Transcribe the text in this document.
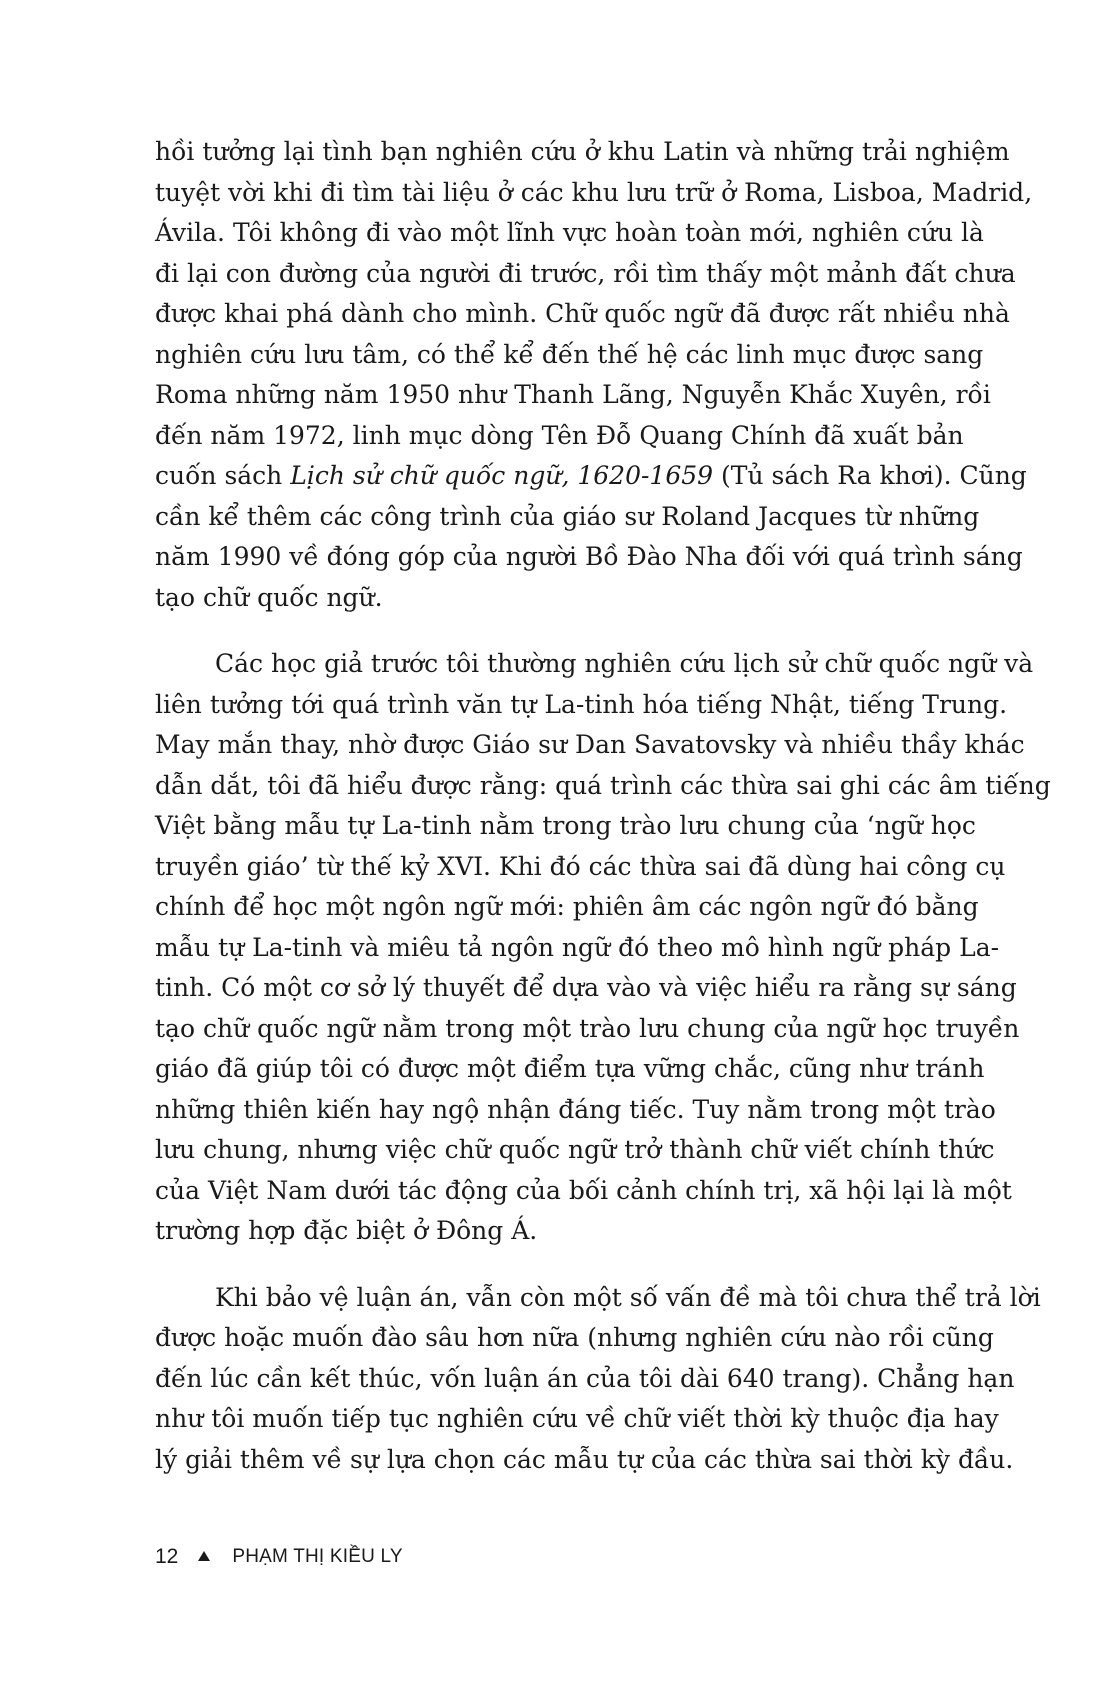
hồi tưởng lại tình bạn nghiên cứu ở khu Latin và những trải nghiệm
tuyệt vời khi đi tìm tài liệu ở các khu lưu trữ ở Roma, Lisboa, Madrid,
Ávila. Tôi không đi vào một lĩnh vực hoàn toàn mới, nghiên cứu là
đi lại con đường của người đi trước, rồi tìm thấy một mảnh đất chưa
được khai phá dành cho mình. Chữ quốc ngữ đã được rất nhiều nhà
nghiên cứu lưu tâm, có thể kể đến thế hệ các linh mục được sang
Roma những năm 1950 như Thanh Lãng, Nguyễn Khắc Xuyên, rồi
đến năm 1972, linh mục dòng Tên Đỗ Quang Chính đã xuất bản
cuốn sách Lịch sử chữ quốc ngữ, 1620-1659 (Tủ sách Ra khơi). Cũng
cần kể thêm các công trình của giáo sư Roland Jacques từ những
năm 1990 về đóng góp của người Bồ Đào Nha đối với quá trình sáng
tạo chữ quốc ngữ.
Các học giả trước tôi thường nghiên cứu lịch sử chữ quốc ngữ và
liên tưởng tới quá trình văn tự La-tinh hóa tiếng Nhật, tiếng Trung.
May mắn thay, nhờ được Giáo sư Dan Savatovsky và nhiều thầy khác
dẫn dắt, tôi đã hiểu được rằng: quá trình các thừa sai ghi các âm tiếng
Việt bằng mẫu tự La-tinh nằm trong trào lưu chung của ‘ngữ học
truyền giáo’ từ thế kỷ XVI. Khi đó các thừa sai đã dùng hai công cụ
chính để học một ngôn ngữ mới: phiên âm các ngôn ngữ đó bằng
mẫu tự La-tinh và miêu tả ngôn ngữ đó theo mô hình ngữ pháp La-
tinh. Có một cơ sở lý thuyết để dựa vào và việc hiểu ra rằng sự sáng
tạo chữ quốc ngữ nằm trong một trào lưu chung của ngữ học truyền
giáo đã giúp tôi có được một điểm tựa vững chắc, cũng như tránh
những thiên kiến hay ngộ nhận đáng tiếc. Tuy nằm trong một trào
lưu chung, nhưng việc chữ quốc ngữ trở thành chữ viết chính thức
của Việt Nam dưới tác động của bối cảnh chính trị, xã hội lại là một
trường hợp đặc biệt ở Đông Á.
Khi bảo vệ luận án, vẫn còn một số vấn đề mà tôi chưa thể trả lời
được hoặc muốn đào sâu hơn nữa (nhưng nghiên cứu nào rồi cũng
đến lúc cần kết thúc, vốn luận án của tôi dài 640 trang). Chẳng hạn
như tôi muốn tiếp tục nghiên cứu về chữ viết thời kỳ thuộc địa hay
lý giải thêm về sự lựa chọn các mẫu tự của các thừa sai thời kỳ đầu.
12	PHẠM THỊ KIỀU LY
